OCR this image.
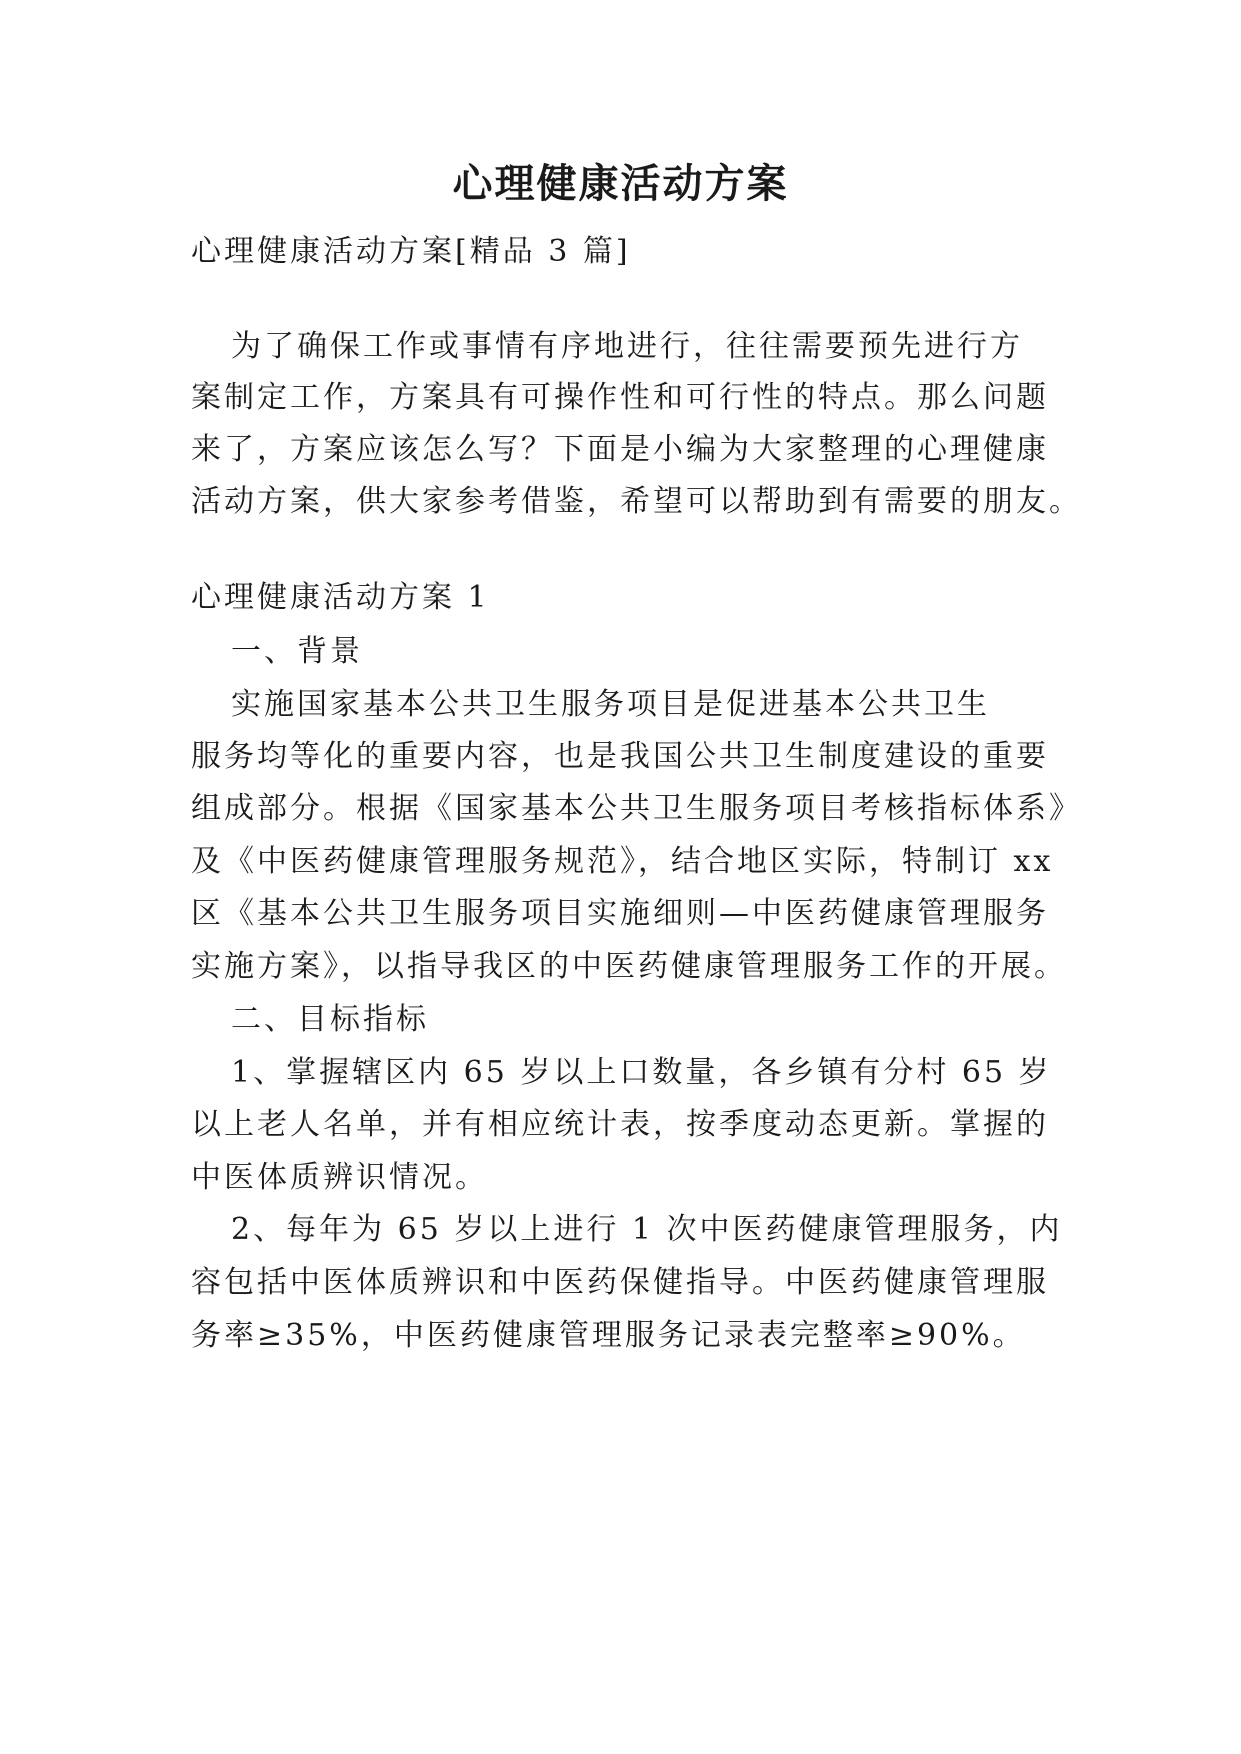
心理健康活动方案
心理健康活动方案[精品 3 篇]
为了确保工作或事情有序地进行，往往需要预先进行方
案制定工作，方案具有可操作性和可行性的特点。那么问题
来了，方案应该怎么写？下面是小编为大家整理的心理健康
活动方案，供大家参考借鉴，希望可以帮助到有需要的朋友。
心理健康活动方案 1
一、背景
实施国家基本公共卫生服务项目是促进基本公共卫生
服务均等化的重要内容，也是我国公共卫生制度建设的重要
组成部分。根据《国家基本公共卫生服务项目考核指标体系》
及《中医药健康管理服务规范》，结合地区实际，特制订 xx
区《基本公共卫生服务项目实施细则—中医药健康管理服务
实施方案》，以指导我区的中医药健康管理服务工作的开展。
二、目标指标
1、掌握辖区内 65 岁以上口数量，各乡镇有分村 65 岁
以上老人名单，并有相应统计表，按季度动态更新。掌握的
中医体质辨识情况。
2、每年为 65 岁以上进行 1 次中医药健康管理服务，内
容包括中医体质辨识和中医药保健指导。中医药健康管理服
务率≥35%，中医药健康管理服务记录表完整率≥90%。
